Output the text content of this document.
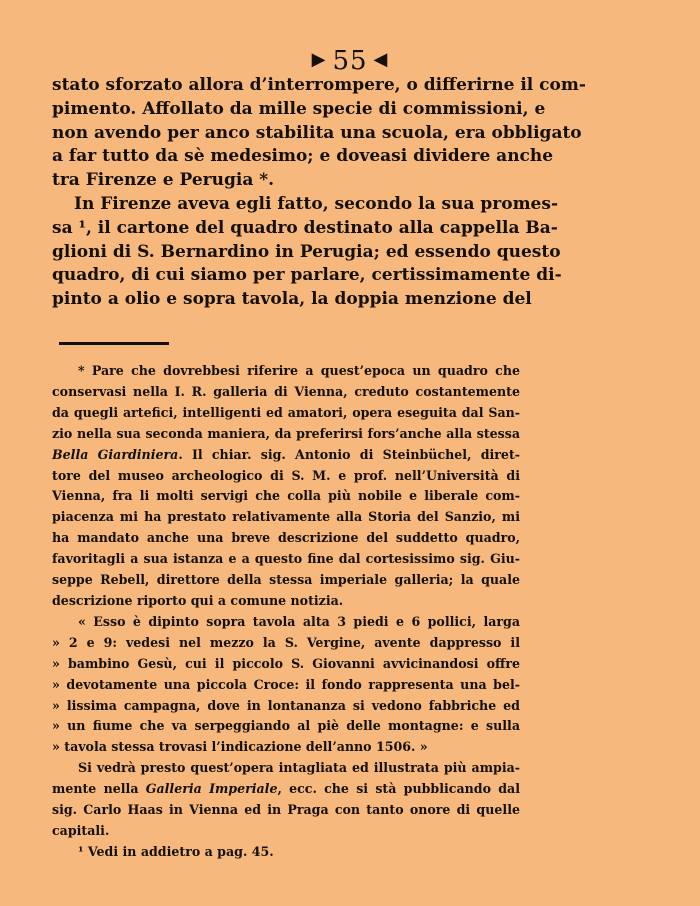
▶ 55 ◀
stato sforzato allora d’interrompere, o differirne il com-
pimento. Affollato da mille specie di commissioni, e
non avendo per anco stabilita una scuola, era obbligato
a far tutto da sè medesimo; e doveasi dividere anche
tra Firenze e Perugia *.
In Firenze aveva egli fatto, secondo la sua promes-
sa ¹, il cartone del quadro destinato alla cappella Ba-
glioni di S. Bernardino in Perugia; ed essendo questo
quadro, di cui siamo per parlare, certissimamente di-
pinto a olio e sopra tavola, la doppia menzione del
* Pare che dovrebbesi riferire a quest’epoca un quadro che
conservasi nella I. R. galleria di Vienna, creduto costantemente
da quegli artefici, intelligenti ed amatori, opera eseguita dal San-
zio nella sua seconda maniera, da preferirsi fors’anche alla stessa
Bella Giardiniera. Il chiar. sig. Antonio di Steinbüchel, diret-
tore del museo archeologico di S. M. e prof. nell’Università di
Vienna, fra li molti servigi che colla più nobile e liberale com-
piacenza mi ha prestato relativamente alla Storia del Sanzio, mi
ha mandato anche una breve descrizione del suddetto quadro,
favoritagli a sua istanza e a questo fine dal cortesissimo sig. Giu-
seppe Rebell, direttore della stessa imperiale galleria; la quale
descrizione riporto qui a comune notizia.
« Esso è dipinto sopra tavola alta 3 piedi e 6 pollici, larga
» 2 e 9: vedesi nel mezzo la S. Vergine, avente dappresso il
» bambino Gesù, cui il piccolo S. Giovanni avvicinandosi offre
» devotamente una piccola Croce: il fondo rappresenta una bel-
» lissima campagna, dove in lontananza si vedono fabbriche ed
» un fiume che va serpeggiando al piè delle montagne: e sulla
» tavola stessa trovasi l’indicazione dell’anno 1506. »
Si vedrà presto quest’opera intagliata ed illustrata più ampia-
mente nella Galleria Imperiale, ecc. che si stà pubblicando dal
sig. Carlo Haas in Vienna ed in Praga con tanto onore di quelle
capitali.
¹ Vedi in addietro a pag. 45.
